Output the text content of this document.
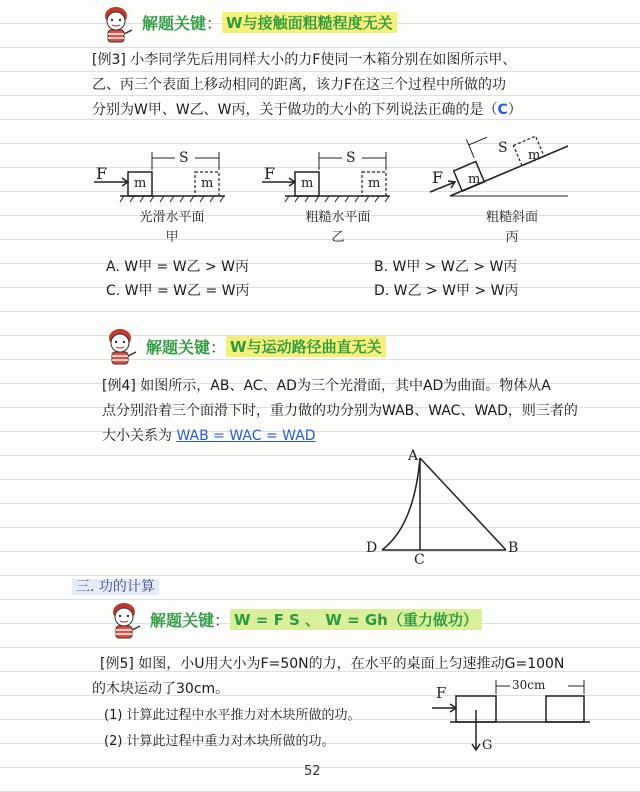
解题关键 ： W与接触面粗糙程度无关
[例3] 小李同学先后用同样大小的力F使同一木箱分别在如图所示甲、
乙、丙三个表面上移动相同的距离，该力F在这三个过程中所做的功
分别为W甲、W乙、W丙，关于做功的大小的下列说法正确的是（C）
F
m	m
S
光滑水平面
甲
F
m	m
S
粗糙水平面
乙
F m
m
S
粗糙斜面
丙
A. W甲 = W乙 > W丙	B. W甲 > W乙 > W丙
C. W甲 = W乙 = W丙	D. W乙 > W甲 > W丙
解题关键 ： W与运动路径曲直无关
[例4] 如图所示，AB、AC、AD为三个光滑面，其中AD为曲面。物体从A
点分别沿着三个面滑下时，重力做的功分别为WAB、WAC、WAD，则三者的
大小关系为 WAB = WAC = WAD
A
B
C
D
三. 功的计算
解题关键 ： W = F S 、 W = Gh（重力做功）
[例5] 如图，小U用大小为F=50N的力，在水平的桌面上匀速推动G=100N
的木块运动了30cm。
(1) 计算此过程中水平推力对木块所做的功。
(2) 计算此过程中重力对木块所做的功。
F	30cm
G
52
